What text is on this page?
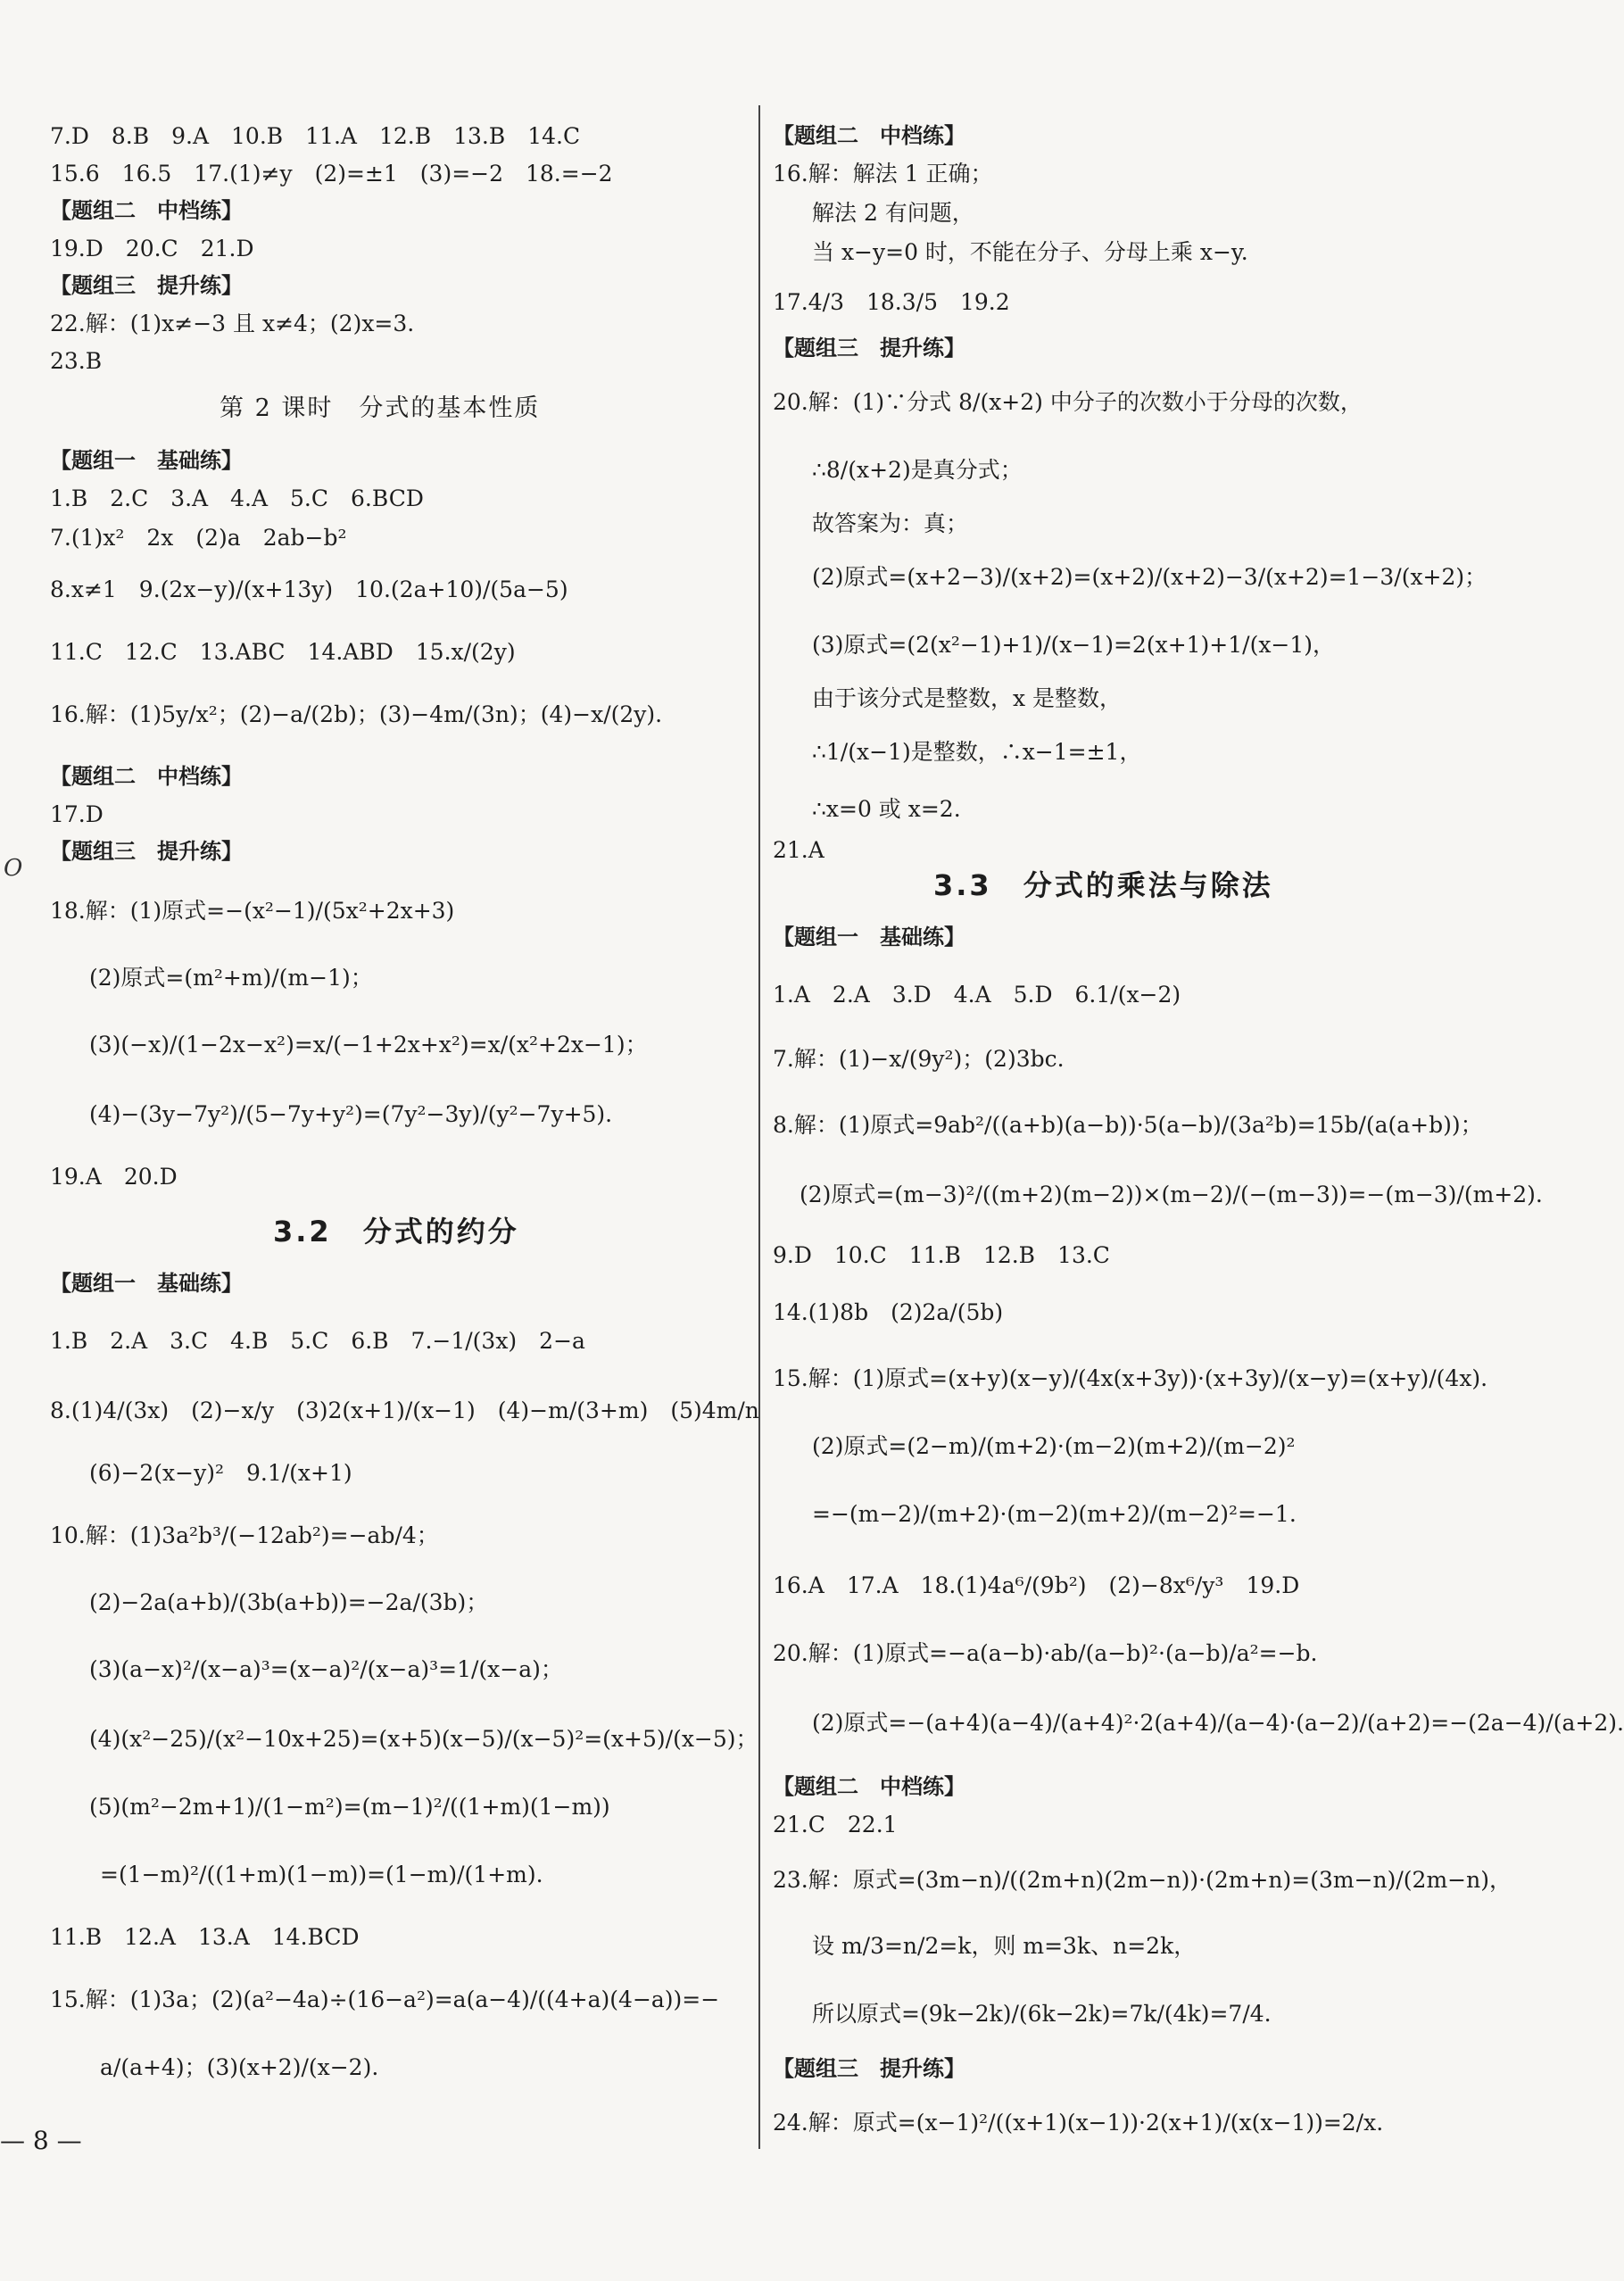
O
7.D　8.B　9.A　10.B　11.A　12.B　13.B　14.C
15.6　16.5　17.(1)≠y　(2)=±1　(3)=−2　18.=−2
【题组二　中档练】
19.D　20.C　21.D
【题组三　提升练】
22.解：(1)x≠−3 且 x≠4；(2)x=3.
23.B
第 2 课时　分式的基本性质
【题组一　基础练】
1.B　2.C　3.A　4.A　5.C　6.BCD
7.(1)x²　2x　(2)a　2ab−b²
8.x≠1　9.(2x−y)/(x+13y)　10.(2a+10)/(5a−5)
11.C　12.C　13.ABC　14.ABD　15.x/(2y)
16.解：(1)5y/x²；(2)−a/(2b)；(3)−4m/(3n)；(4)−x/(2y).
【题组二　中档练】
17.D
【题组三　提升练】
18.解：(1)原式=−(x²−1)/(5x²+2x+3)
(2)原式=(m²+m)/(m−1)；
(3)(−x)/(1−2x−x²)=x/(−1+2x+x²)=x/(x²+2x−1)；
(4)−(3y−7y²)/(5−7y+y²)=(7y²−3y)/(y²−7y+5).
19.A　20.D
3.2　分式的约分
【题组一　基础练】
1.B　2.A　3.C　4.B　5.C　6.B　7.−1/(3x)　2−a
8.(1)4/(3x)　(2)−x/y　(3)2(x+1)/(x−1)　(4)−m/(3+m)　(5)4m/n
(6)−2(x−y)²　9.1/(x+1)
10.解：(1)3a²b³/(−12ab²)=−ab/4；
(2)−2a(a+b)/(3b(a+b))=−2a/(3b)；
(3)(a−x)²/(x−a)³=(x−a)²/(x−a)³=1/(x−a)；
(4)(x²−25)/(x²−10x+25)=(x+5)(x−5)/(x−5)²=(x+5)/(x−5)；
(5)(m²−2m+1)/(1−m²)=(m−1)²/((1+m)(1−m))
=(1−m)²/((1+m)(1−m))=(1−m)/(1+m).
11.B　12.A　13.A　14.BCD
15.解：(1)3a；(2)(a²−4a)÷(16−a²)=a(a−4)/((4+a)(4−a))=−
a/(a+4)；(3)(x+2)/(x−2).
【题组二　中档练】
16.解：解法 1 正确；
解法 2 有问题，
当 x−y=0 时，不能在分子、分母上乘 x−y.
17.4/3　18.3/5　19.2
【题组三　提升练】
20.解：(1)∵分式 8/(x+2) 中分子的次数小于分母的次数，
∴8/(x+2)是真分式；
故答案为：真；
(2)原式=(x+2−3)/(x+2)=(x+2)/(x+2)−3/(x+2)=1−3/(x+2)；
(3)原式=(2(x²−1)+1)/(x−1)=2(x+1)+1/(x−1)，
由于该分式是整数，x 是整数，
∴1/(x−1)是整数，∴x−1=±1，
∴x=0 或 x=2.
21.A
3.3　分式的乘法与除法
【题组一　基础练】
1.A　2.A　3.D　4.A　5.D　6.1/(x−2)
7.解：(1)−x/(9y²)；(2)3bc.
8.解：(1)原式=9ab²/((a+b)(a−b))·5(a−b)/(3a²b)=15b/(a(a+b))；
(2)原式=(m−3)²/((m+2)(m−2))×(m−2)/(−(m−3))=−(m−3)/(m+2).
9.D　10.C　11.B　12.B　13.C
14.(1)8b　(2)2a/(5b)
15.解：(1)原式=(x+y)(x−y)/(4x(x+3y))·(x+3y)/(x−y)=(x+y)/(4x).
(2)原式=(2−m)/(m+2)·(m−2)(m+2)/(m−2)²
=−(m−2)/(m+2)·(m−2)(m+2)/(m−2)²=−1.
16.A　17.A　18.(1)4a⁶/(9b²)　(2)−8x⁶/y³　19.D
20.解：(1)原式=−a(a−b)·ab/(a−b)²·(a−b)/a²=−b.
(2)原式=−(a+4)(a−4)/(a+4)²·2(a+4)/(a−4)·(a−2)/(a+2)=−(2a−4)/(a+2).
【题组二　中档练】
21.C　22.1
23.解：原式=(3m−n)/((2m+n)(2m−n))·(2m+n)=(3m−n)/(2m−n)，
设 m/3=n/2=k，则 m=3k、n=2k，
所以原式=(9k−2k)/(6k−2k)=7k/(4k)=7/4.
【题组三　提升练】
24.解：原式=(x−1)²/((x+1)(x−1))·2(x+1)/(x(x−1))=2/x.
— 8 —
